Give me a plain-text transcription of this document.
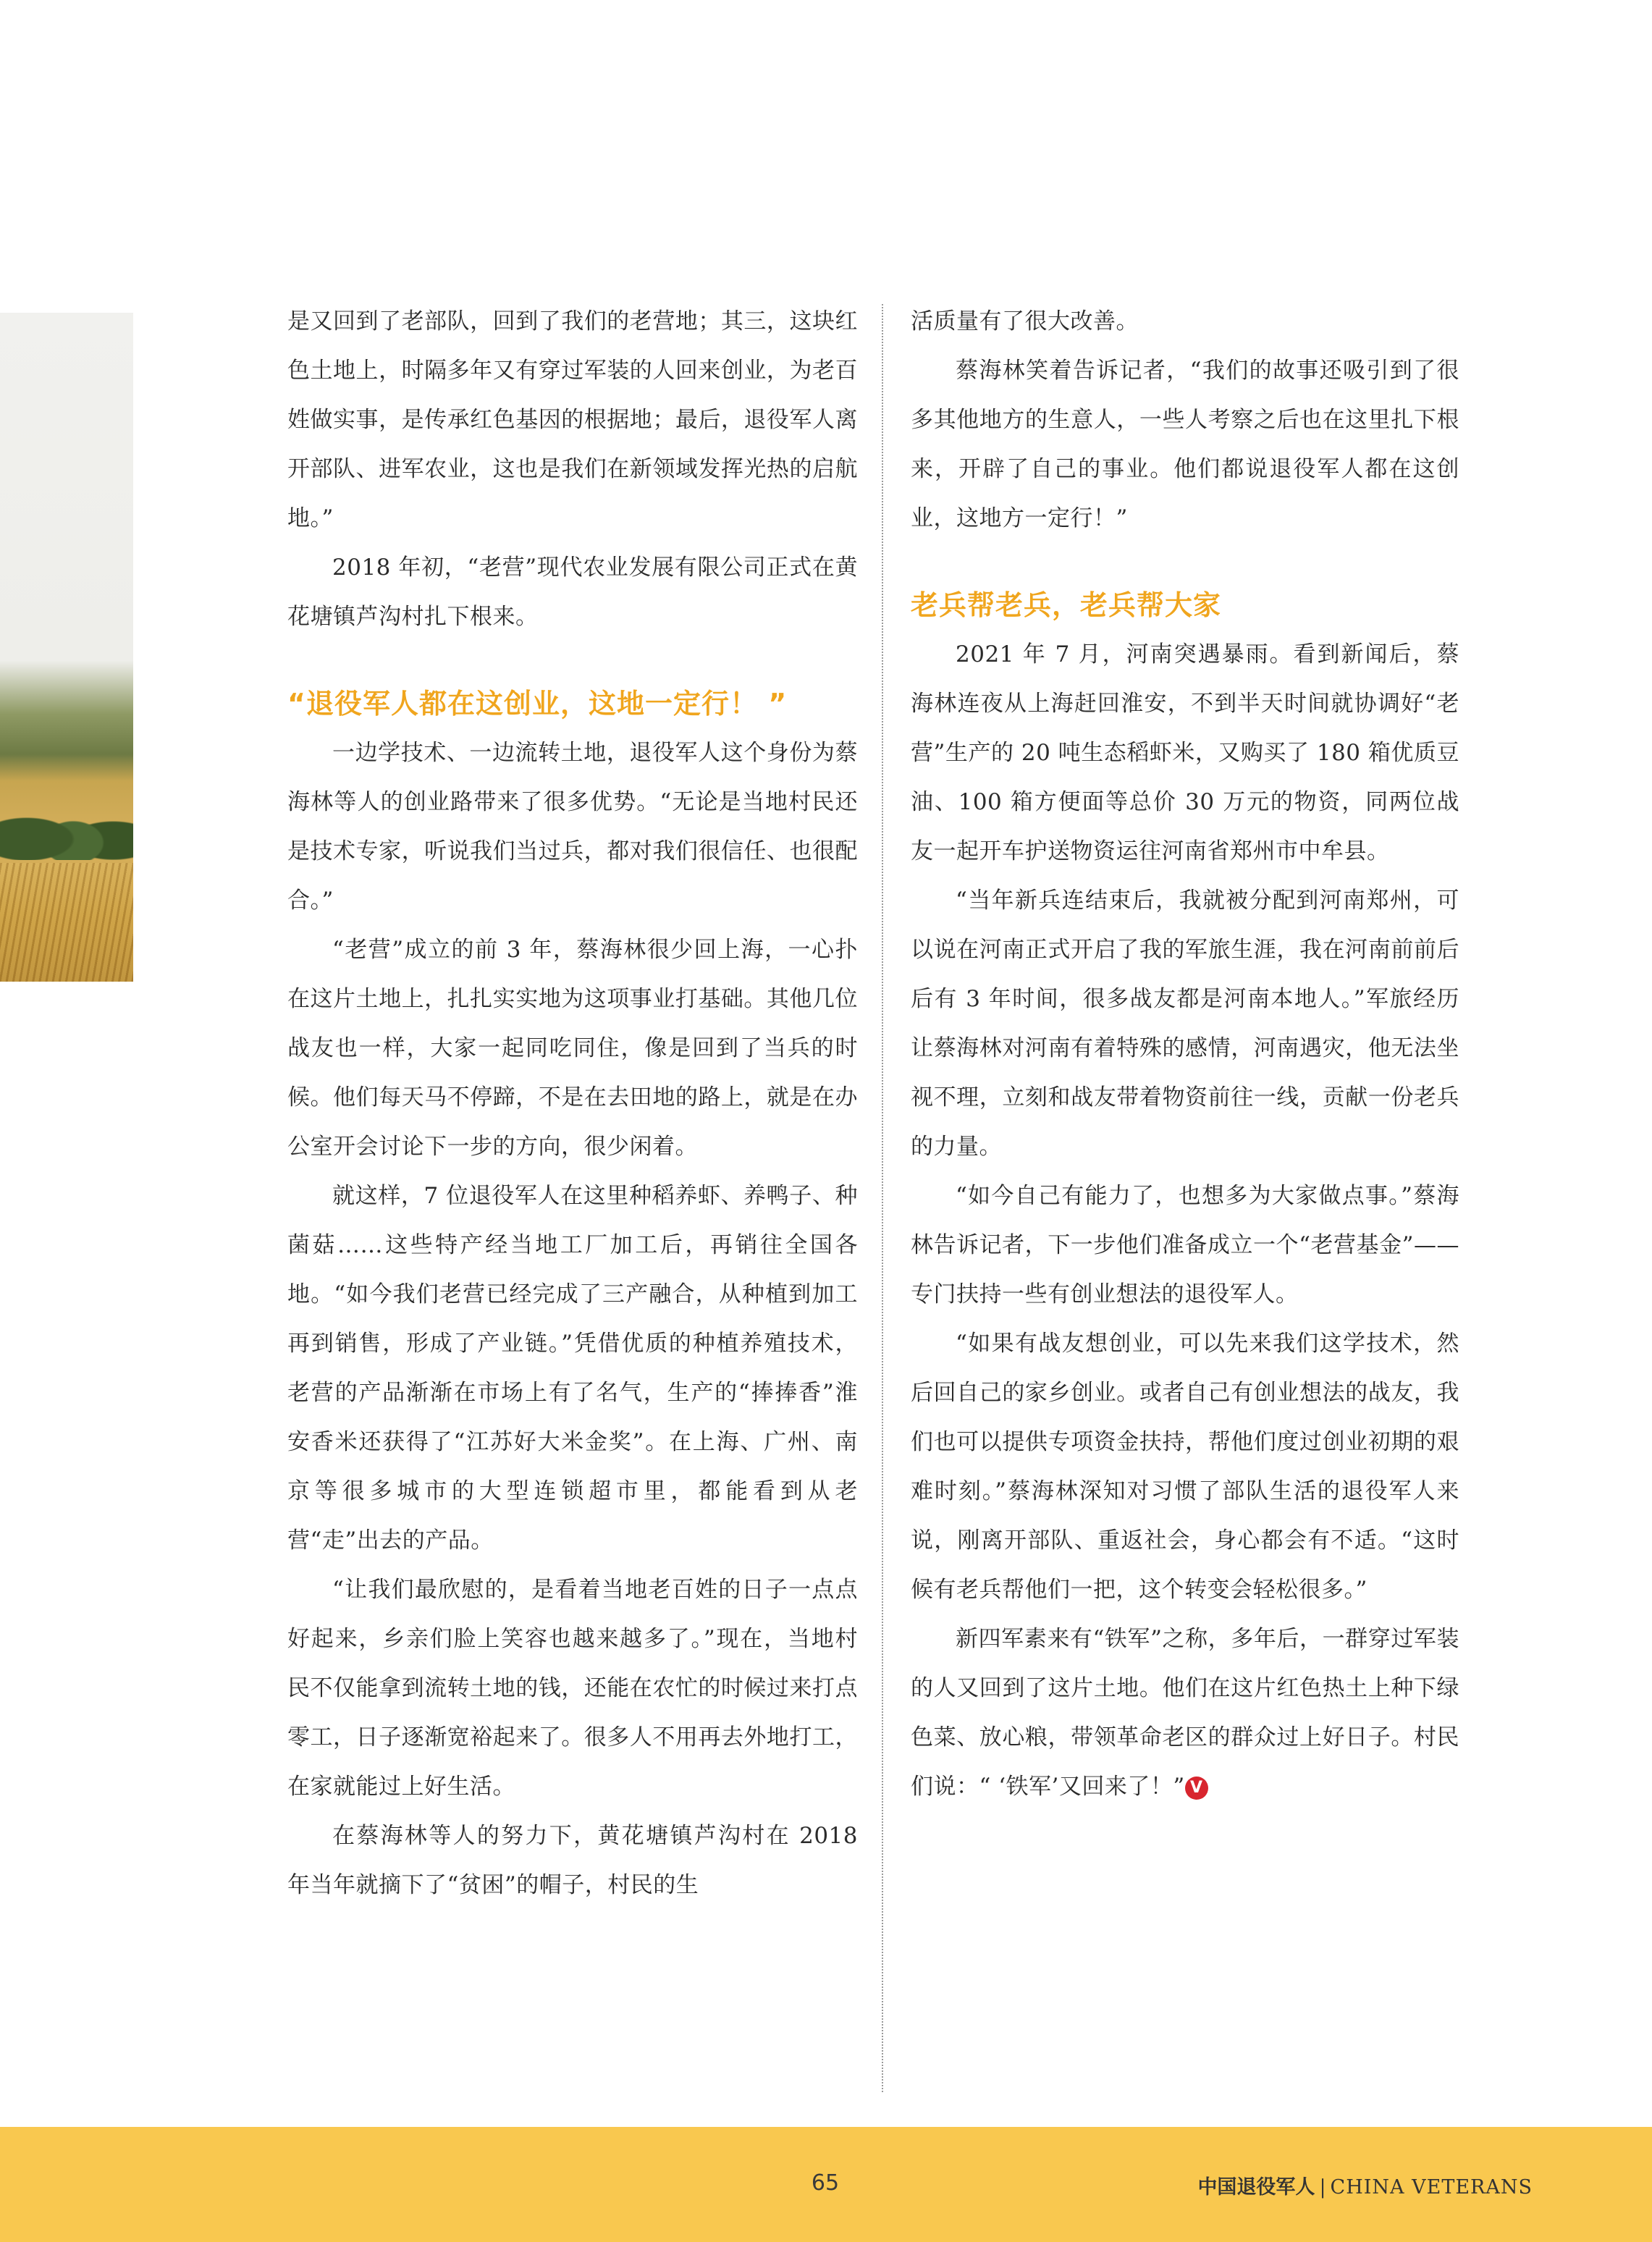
是又回到了老部队，回到了我们的老营地；其三，这块红色土地上，时隔多年又有穿过军装的人回来创业，为老百姓做实事，是传承红色基因的根据地；最后，退役军人离开部队、进军农业，这也是我们在新领域发挥光热的启航地。”

2018 年初，“老营”现代农业发展有限公司正式在黄花塘镇芦沟村扎下根来。

“退役军人都在这创业，这地一定行！ ”

一边学技术、一边流转土地，退役军人这个身份为蔡海林等人的创业路带来了很多优势。“无论是当地村民还是技术专家，听说我们当过兵，都对我们很信任、也很配合。”

“老营”成立的前 3 年，蔡海林很少回上海，一心扑在这片土地上，扎扎实实地为这项事业打基础。其他几位战友也一样，大家一起同吃同住，像是回到了当兵的时候。他们每天马不停蹄，不是在去田地的路上，就是在办公室开会讨论下一步的方向，很少闲着。

就这样，7 位退役军人在这里种稻养虾、养鸭子、种菌菇……这些特产经当地工厂加工后，再销往全国各地。“如今我们老营已经完成了三产融合，从种植到加工再到销售，形成了产业链。”凭借优质的种植养殖技术，老营的产品渐渐在市场上有了名气，生产的“捧捧香”淮安香米还获得了“江苏好大米金奖”。在上海、广州、南京等很多城市的大型连锁超市里，都能看到从老营“走”出去的产品。

“让我们最欣慰的，是看着当地老百姓的日子一点点好起来，乡亲们脸上笑容也越来越多了。”现在，当地村民不仅能拿到流转土地的钱，还能在农忙的时候过来打点零工，日子逐渐宽裕起来了。很多人不用再去外地打工，在家就能过上好生活。

在蔡海林等人的努力下，黄花塘镇芦沟村在 2018 年当年就摘下了“贫困”的帽子，村民的生

活质量有了很大改善。

蔡海林笑着告诉记者，“我们的故事还吸引到了很多其他地方的生意人，一些人考察之后也在这里扎下根来，开辟了自己的事业。他们都说退役军人都在这创业，这地方一定行！”

老兵帮老兵，老兵帮大家

2021 年 7 月，河南突遇暴雨。看到新闻后，蔡海林连夜从上海赶回淮安，不到半天时间就协调好“老营”生产的 20 吨生态稻虾米，又购买了 180 箱优质豆油、100 箱方便面等总价 30 万元的物资，同两位战友一起开车护送物资运往河南省郑州市中牟县。

“当年新兵连结束后，我就被分配到河南郑州，可以说在河南正式开启了我的军旅生涯，我在河南前前后后有 3 年时间，很多战友都是河南本地人。”军旅经历让蔡海林对河南有着特殊的感情，河南遇灾，他无法坐视不理，立刻和战友带着物资前往一线，贡献一份老兵的力量。

“如今自己有能力了，也想多为大家做点事。”蔡海林告诉记者，下一步他们准备成立一个“老营基金”——专门扶持一些有创业想法的退役军人。

“如果有战友想创业，可以先来我们这学技术，然后回自己的家乡创业。或者自己有创业想法的战友，我们也可以提供专项资金扶持，帮他们度过创业初期的艰难时刻。”蔡海林深知对习惯了部队生活的退役军人来说，刚离开部队、重返社会，身心都会有不适。“这时候有老兵帮他们一把，这个转变会轻松很多。”

新四军素来有“铁军”之称，多年后，一群穿过军装的人又回到了这片土地。他们在这片红色热土上种下绿色菜、放心粮，带领革命老区的群众过上好日子。村民们说：“ ‘铁军’又回来了！” V

65	中国退役军人 | CHINA VETERANS
